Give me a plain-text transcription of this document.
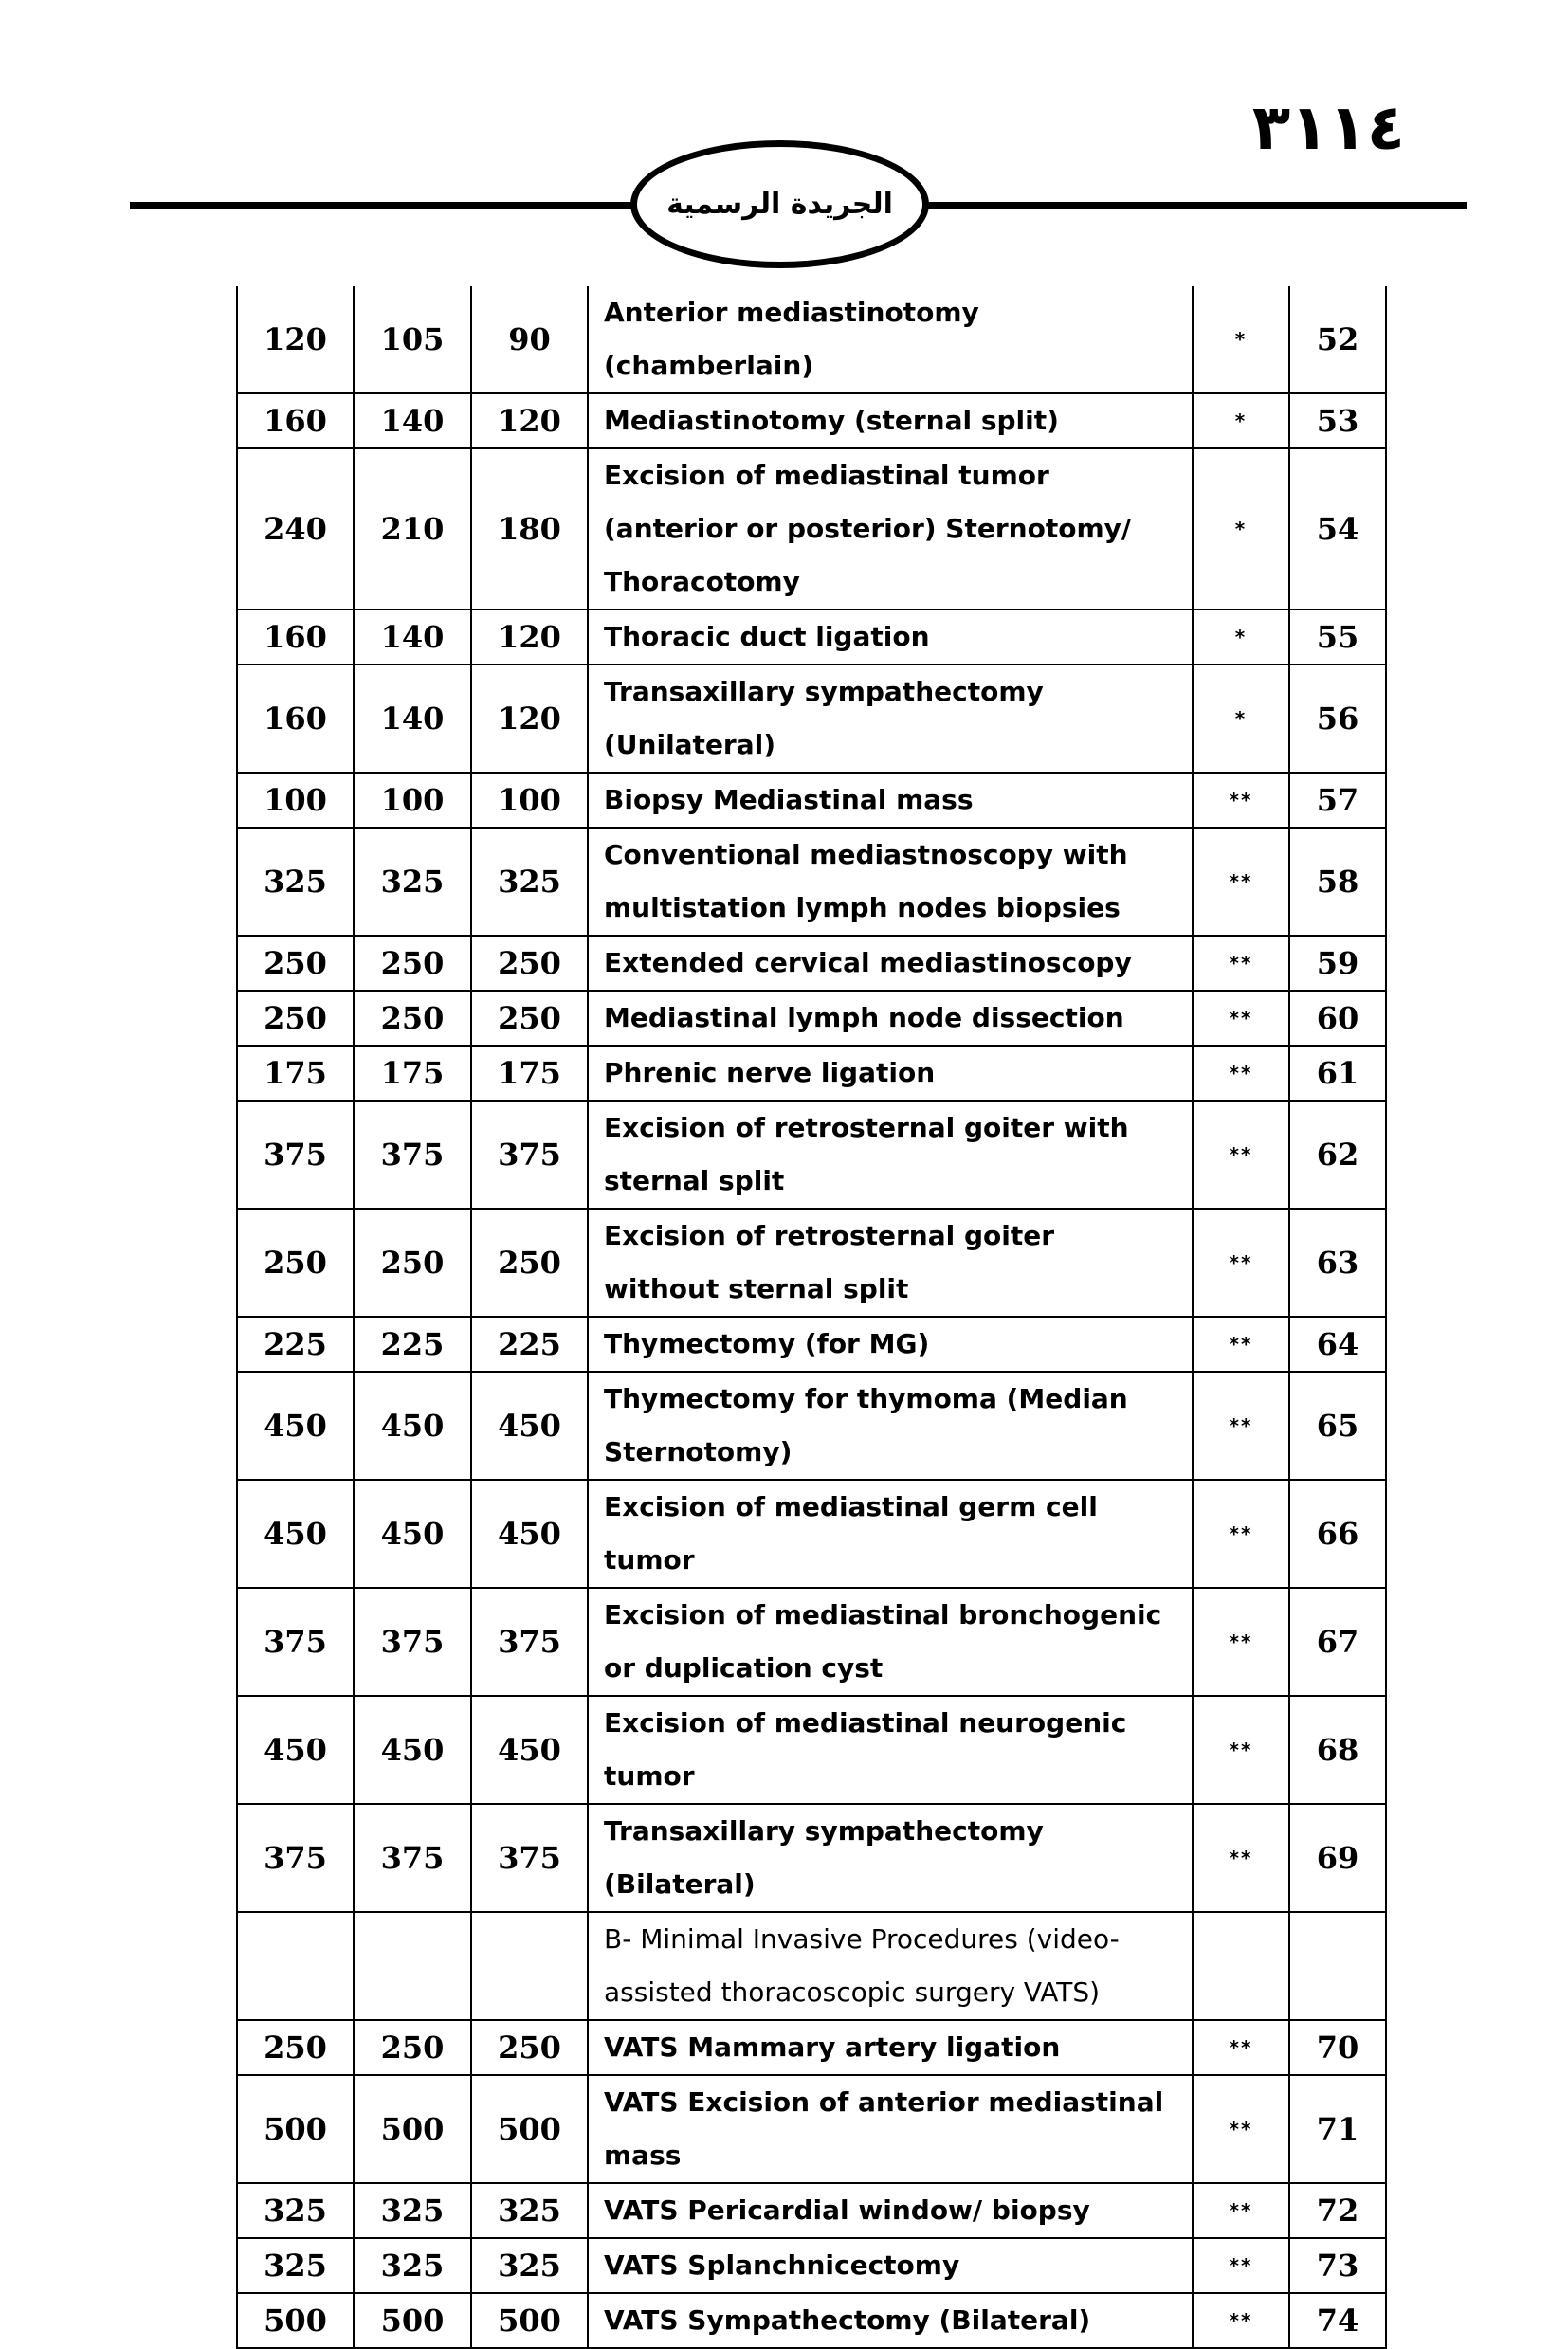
٣١١٤
الجريدة الرسمية
120	105	90	Anterior mediastinotomy (chamberlain)	*	52
160	140	120	Mediastinotomy (sternal split)	*	53
240	210	180	Excision of mediastinal tumor (anterior or posterior) Sternotomy/ Thoracotomy	*	54
160	140	120	Thoracic duct ligation	*	55
160	140	120	Transaxillary sympathectomy (Unilateral)	*	56
100	100	100	Biopsy Mediastinal mass	**	57
325	325	325	Conventional mediastnoscopy with multistation lymph nodes biopsies	**	58
250	250	250	Extended cervical mediastinoscopy	**	59
250	250	250	Mediastinal lymph node dissection	**	60
175	175	175	Phrenic nerve ligation	**	61
375	375	375	Excision of retrosternal goiter with sternal split	**	62
250	250	250	Excision of retrosternal goiter without sternal split	**	63
225	225	225	Thymectomy (for MG)	**	64
450	450	450	Thymectomy for thymoma (Median Sternotomy)	**	65
450	450	450	Excision of mediastinal germ cell tumor	**	66
375	375	375	Excision of mediastinal bronchogenic or duplication cyst	**	67
450	450	450	Excision of mediastinal neurogenic tumor	**	68
375	375	375	Transaxillary sympathectomy (Bilateral)	**	69
			B- Minimal Invasive Procedures (video-assisted thoracoscopic surgery VATS)		
250	250	250	VATS Mammary artery ligation	**	70
500	500	500	VATS Excision of anterior mediastinal mass	**	71
325	325	325	VATS Pericardial window/ biopsy	**	72
325	325	325	VATS Splanchnicectomy	**	73
500	500	500	VATS Sympathectomy (Bilateral)	**	74
